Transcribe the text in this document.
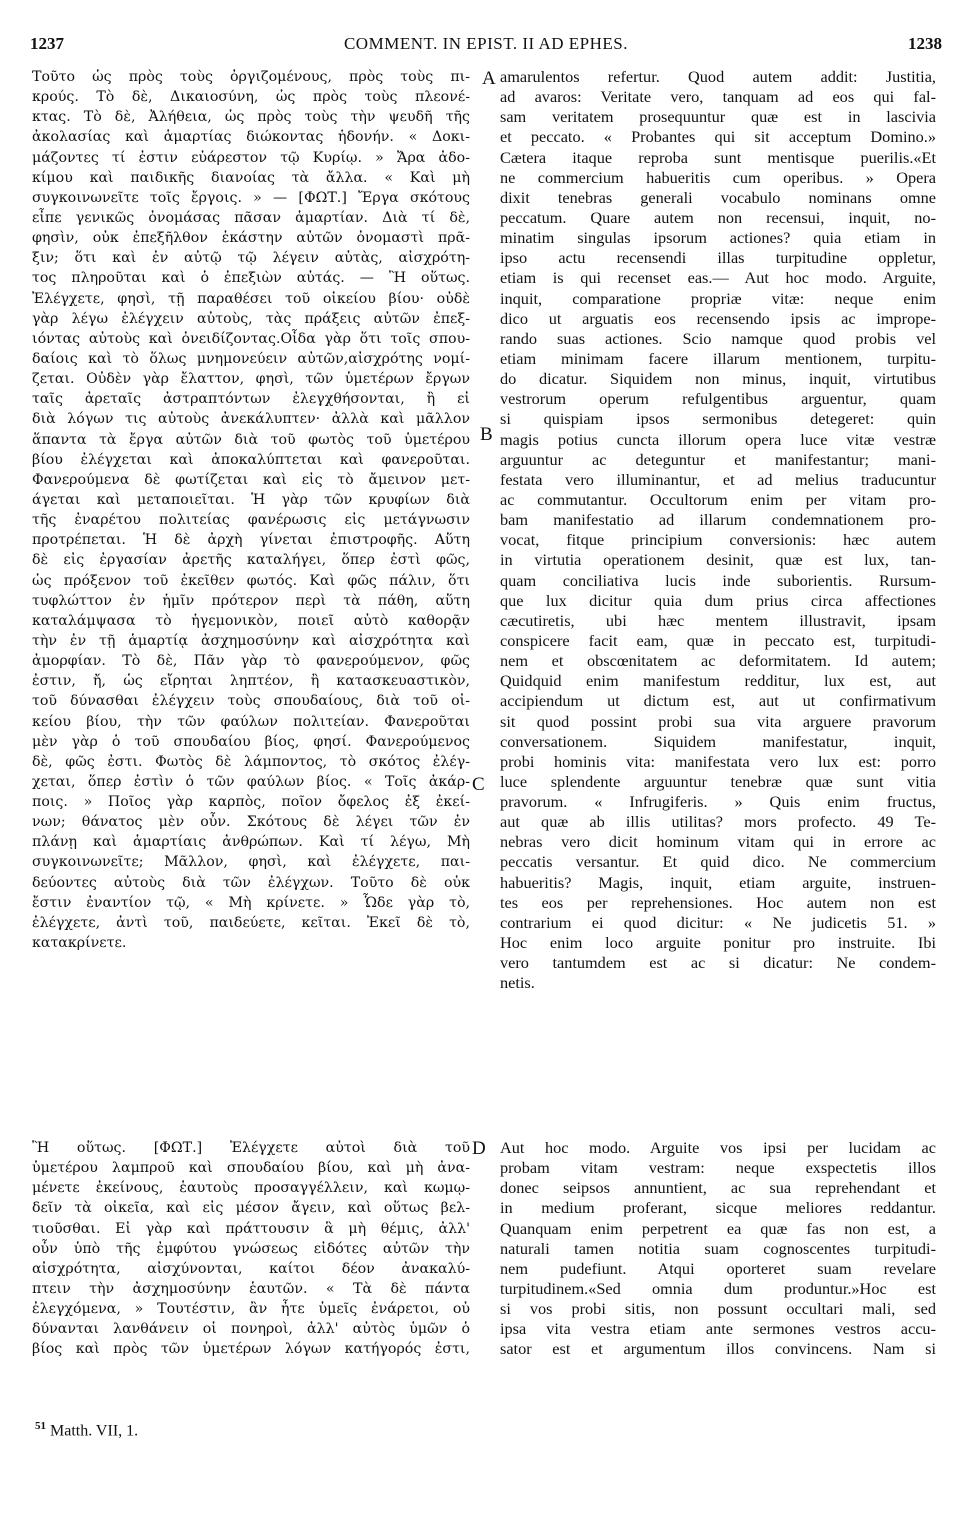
1237	COMMENT. IN EPIST. II AD EPHES.	1238
Τοῦτο ὡς πρὸς τοὺς ὀργιζομένους, πρὸς τοὺς πι-
κρούς. Τὸ δὲ, Δικαιοσύνη, ὡς πρὸς τοὺς πλεονέ-
κτας. Τὸ δὲ, Ἀλήθεια, ὡς πρὸς τοὺς τὴν ψευδῆ τῆς
ἀκολασίας καὶ ἁμαρτίας διώκοντας ἡδονήν. « Δοκι-
μάζοντες τί ἐστιν εὐάρεστον τῷ Κυρίῳ. » Ἄρα ἀδο-
κίμου καὶ παιδικῆς διανοίας τὰ ἄλλα. « Καὶ μὴ
συγκοινωνεῖτε τοῖς ἔργοις. » — [ΦΩΤ.] Ἔργα σκότους
εἶπε γενικῶς ὀνομάσας πᾶσαν ἁμαρτίαν. Διὰ τί δὲ,
φησὶν, οὐκ ἐπεξῆλθον ἑκάστην αὐτῶν ὀνομαστὶ πρᾶ-
ξιν; ὅτι καὶ ἐν αὐτῷ τῷ λέγειν αὐτὰς, αἰσχρότη-
τος πληροῦται καὶ ὁ ἐπεξιὼν αὐτάς. — Ἢ οὕτως.
Ἐλέγχετε, φησὶ, τῇ παραθέσει τοῦ οἰκείου βίου· οὐδὲ
γὰρ λέγω ἐλέγχειν αὐτοὺς, τὰς πράξεις αὐτῶν ἐπεξ-
ιόντας αὐτοὺς καὶ ὀνειδίζοντας.Οἶδα γὰρ ὅτι τοῖς σπου-
δαίοις καὶ τὸ ὅλως μνημονεύειν αὐτῶν,αἰσχρότης νομί-
ζεται. Οὐδὲν γὰρ ἔλαττον, φησὶ, τῶν ὑμετέρων ἔργων
ταῖς ἀρεταῖς ἀστραπτόντων ἐλεγχθήσονται, ἢ εἰ
διὰ λόγων τις αὐτοὺς ἀνεκάλυπτεν· ἀλλὰ καὶ μᾶλλον
ἅπαντα τὰ ἔργα αὐτῶν διὰ τοῦ φωτὸς τοῦ ὑμετέρου
βίου ἐλέγχεται καὶ ἀποκαλύπτεται καὶ φανεροῦται.
Φανερούμενα δὲ φωτίζεται καὶ εἰς τὸ ἄμεινον μετ-
άγεται καὶ μεταποιεῖται. Ἡ γὰρ τῶν κρυφίων διὰ
τῆς ἐναρέτου πολιτείας φανέρωσις εἰς μετάγνωσιν
προτρέπεται. Ἡ δὲ ἀρχὴ γίνεται ἐπιστροφῆς. Αὕτη
δὲ εἰς ἐργασίαν ἀρετῆς καταλήγει, ὅπερ ἐστὶ φῶς,
ὡς πρόξενον τοῦ ἐκεῖθεν φωτός. Καὶ φῶς πάλιν, ὅτι
τυφλώττον ἐν ἡμῖν πρότερον περὶ τὰ πάθη, αὕτη
καταλάμψασα τὸ ἡγεμονικὸν, ποιεῖ αὐτὸ καθορᾷν
τὴν ἐν τῇ ἁμαρτίᾳ ἀσχημοσύνην καὶ αἰσχρότητα καὶ
ἀμορφίαν. Τὸ δὲ, Πᾶν γὰρ τὸ φανερούμενον, φῶς
ἐστιν, ἤ, ὡς εἴρηται ληπτέον, ἢ κατασκευαστικὸν,
τοῦ δύνασθαι ἐλέγχειν τοὺς σπουδαίους, διὰ τοῦ οἰ-
κείου βίου, τὴν τῶν φαύλων πολιτείαν. Φανεροῦται
μὲν γὰρ ὁ τοῦ σπουδαίου βίος, φησί. Φανερούμενος
δὲ, φῶς ἐστι. Φωτὸς δὲ λάμποντος, τὸ σκότος ἐλέγ-
χεται, ὅπερ ἐστὶν ὁ τῶν φαύλων βίος. « Τοῖς ἀκάρ-
ποις. » Ποῖος γὰρ καρπὸς, ποῖον ὄφελος ἐξ ἐκεί-
νων; θάνατος μὲν οὖν. Σκότους δὲ λέγει τῶν ἐν
πλάνῃ καὶ ἁμαρτίαις ἀνθρώπων. Καὶ τί λέγω, Μὴ
συγκοινωνεῖτε; Μᾶλλον, φησὶ, καὶ ἐλέγχετε, παι-
δεύοντες αὐτοὺς διὰ τῶν ἐλέγχων. Τοῦτο δὲ οὐκ
ἔστιν ἐναντίον τῷ, « Μὴ κρίνετε. » Ὧδε γὰρ τὸ,
ἐλέγχετε, ἀντὶ τοῦ, παιδεύετε, κεῖται. Ἐκεῖ δὲ τὸ,
κατακρίνετε.
Ἢ οὕτως. [ΦΩΤ.] Ἐλέγχετε αὐτοὶ διὰ τοῦ
ὑμετέρου λαμπροῦ καὶ σπουδαίου βίου, καὶ μὴ ἀνα-
μένετε ἐκείνους, ἑαυτοὺς προσαγγέλλειν, καὶ κωμῳ-
δεῖν τὰ οἰκεῖα, καὶ εἰς μέσον ἄγειν, καὶ οὕτως βελ-
τιοῦσθαι. Εἰ γὰρ καὶ πράττουσιν ἃ μὴ θέμις, ἀλλ'
οὖν ὑπὸ τῆς ἐμφύτου γνώσεως εἰδότες αὐτῶν τὴν
αἰσχρότητα, αἰσχύνονται, καίτοι δέον ἀνακαλύ-
πτειν τὴν ἀσχημοσύνην ἑαυτῶν. « Τὰ δὲ πάντα
ἐλεγχόμενα, » Τουτέστιν, ἂν ἦτε ὑμεῖς ἐνάρετοι, οὐ
δύνανται λανθάνειν οἱ πονηροὶ, ἀλλ' αὐτὸς ὑμῶν ὁ
βίος καὶ πρὸς τῶν ὑμετέρων λόγων κατήγορός ἐστι,
amarulentos refertur. Quod autem addit: Justitia,
ad avaros: Veritate vero, tanquam ad eos qui fal-
sam veritatem prosequuntur quæ est in lascivia
et peccato. « Probantes qui sit acceptum Domino.»
Cætera itaque reproba sunt mentisque puerilis.«Et
ne commercium habueritis cum operibus. » Opera
dixit tenebras generali vocabulo nominans omne
peccatum. Quare autem non recensui, inquit, no-
minatim singulas ipsorum actiones? quia etiam in
ipso actu recensendi illas turpitudine oppletur,
etiam is qui recenset eas.— Aut hoc modo. Arguite,
inquit, comparatione propriæ vitæ: neque enim
dico ut arguatis eos recensendo ipsis ac imprope-
rando suas actiones. Scio namque quod probis vel
etiam minimam facere illarum mentionem, turpitu-
do dicatur. Siquidem non minus, inquit, virtutibus
vestrorum operum refulgentibus arguentur, quam
si quispiam ipsos sermonibus detegeret: quin
magis potius cuncta illorum opera luce vitæ vestræ
arguuntur ac deteguntur et manifestantur; mani-
festata vero illuminantur, et ad melius traducuntur
ac commutantur. Occultorum enim per vitam pro-
bam manifestatio ad illarum condemnationem pro-
vocat, fitque principium conversionis: hæc autem
in virtutia operationem desinit, quæ est lux, tan-
quam conciliativa lucis inde suborientis. Rursum-
que lux dicitur quia dum prius circa affectiones
cæcutiretis, ubi hæc mentem illustravit, ipsam
conspicere facit eam, quæ in peccato est, turpitudi-
nem et obscœnitatem ac deformitatem. Id autem;
Quidquid enim manifestum redditur, lux est, aut
accipiendum ut dictum est, aut ut confirmativum
sit quod possint probi sua vita arguere pravorum
conversationem. Siquidem manifestatur, inquit,
probi hominis vita: manifestata vero lux est: porro
luce splendente arguuntur tenebræ quæ sunt vitia
pravorum. « Infrugiferis. » Quis enim fructus,
aut quæ ab illis utilitas? mors profecto. 49 Te-
nebras vero dicit hominum vitam qui in errore ac
peccatis versantur. Et quid dico. Ne commercium
habueritis? Magis, inquit, etiam arguite, instruen-
tes eos per reprehensiones. Hoc autem non est
contrarium ei quod dicitur: « Ne judicetis 51. »
Hoc enim loco arguite ponitur pro instruite. Ibi
vero tantumdem est ac si dicatur: Ne condem-
netis.
Aut hoc modo. Arguite vos ipsi per lucidam ac
probam vitam vestram: neque exspectetis illos
donec seipsos annuntient, ac sua reprehendant et
in medium proferant, sicque meliores reddantur.
Quanquam enim perpetrent ea quæ fas non est, a
naturali tamen notitia suam cognoscentes turpitudi-
nem pudefiunt. Atqui oporteret suam revelare
turpitudinem.«Sed omnia dum produntur.»Hoc est
si vos probi sitis, non possunt occultari mali, sed
ipsa vita vestra etiam ante sermones vestros accu-
sator est et argumentum illos convincens. Nam si
A
B
C
D
$^{51}$ Matth. VII, 1.
